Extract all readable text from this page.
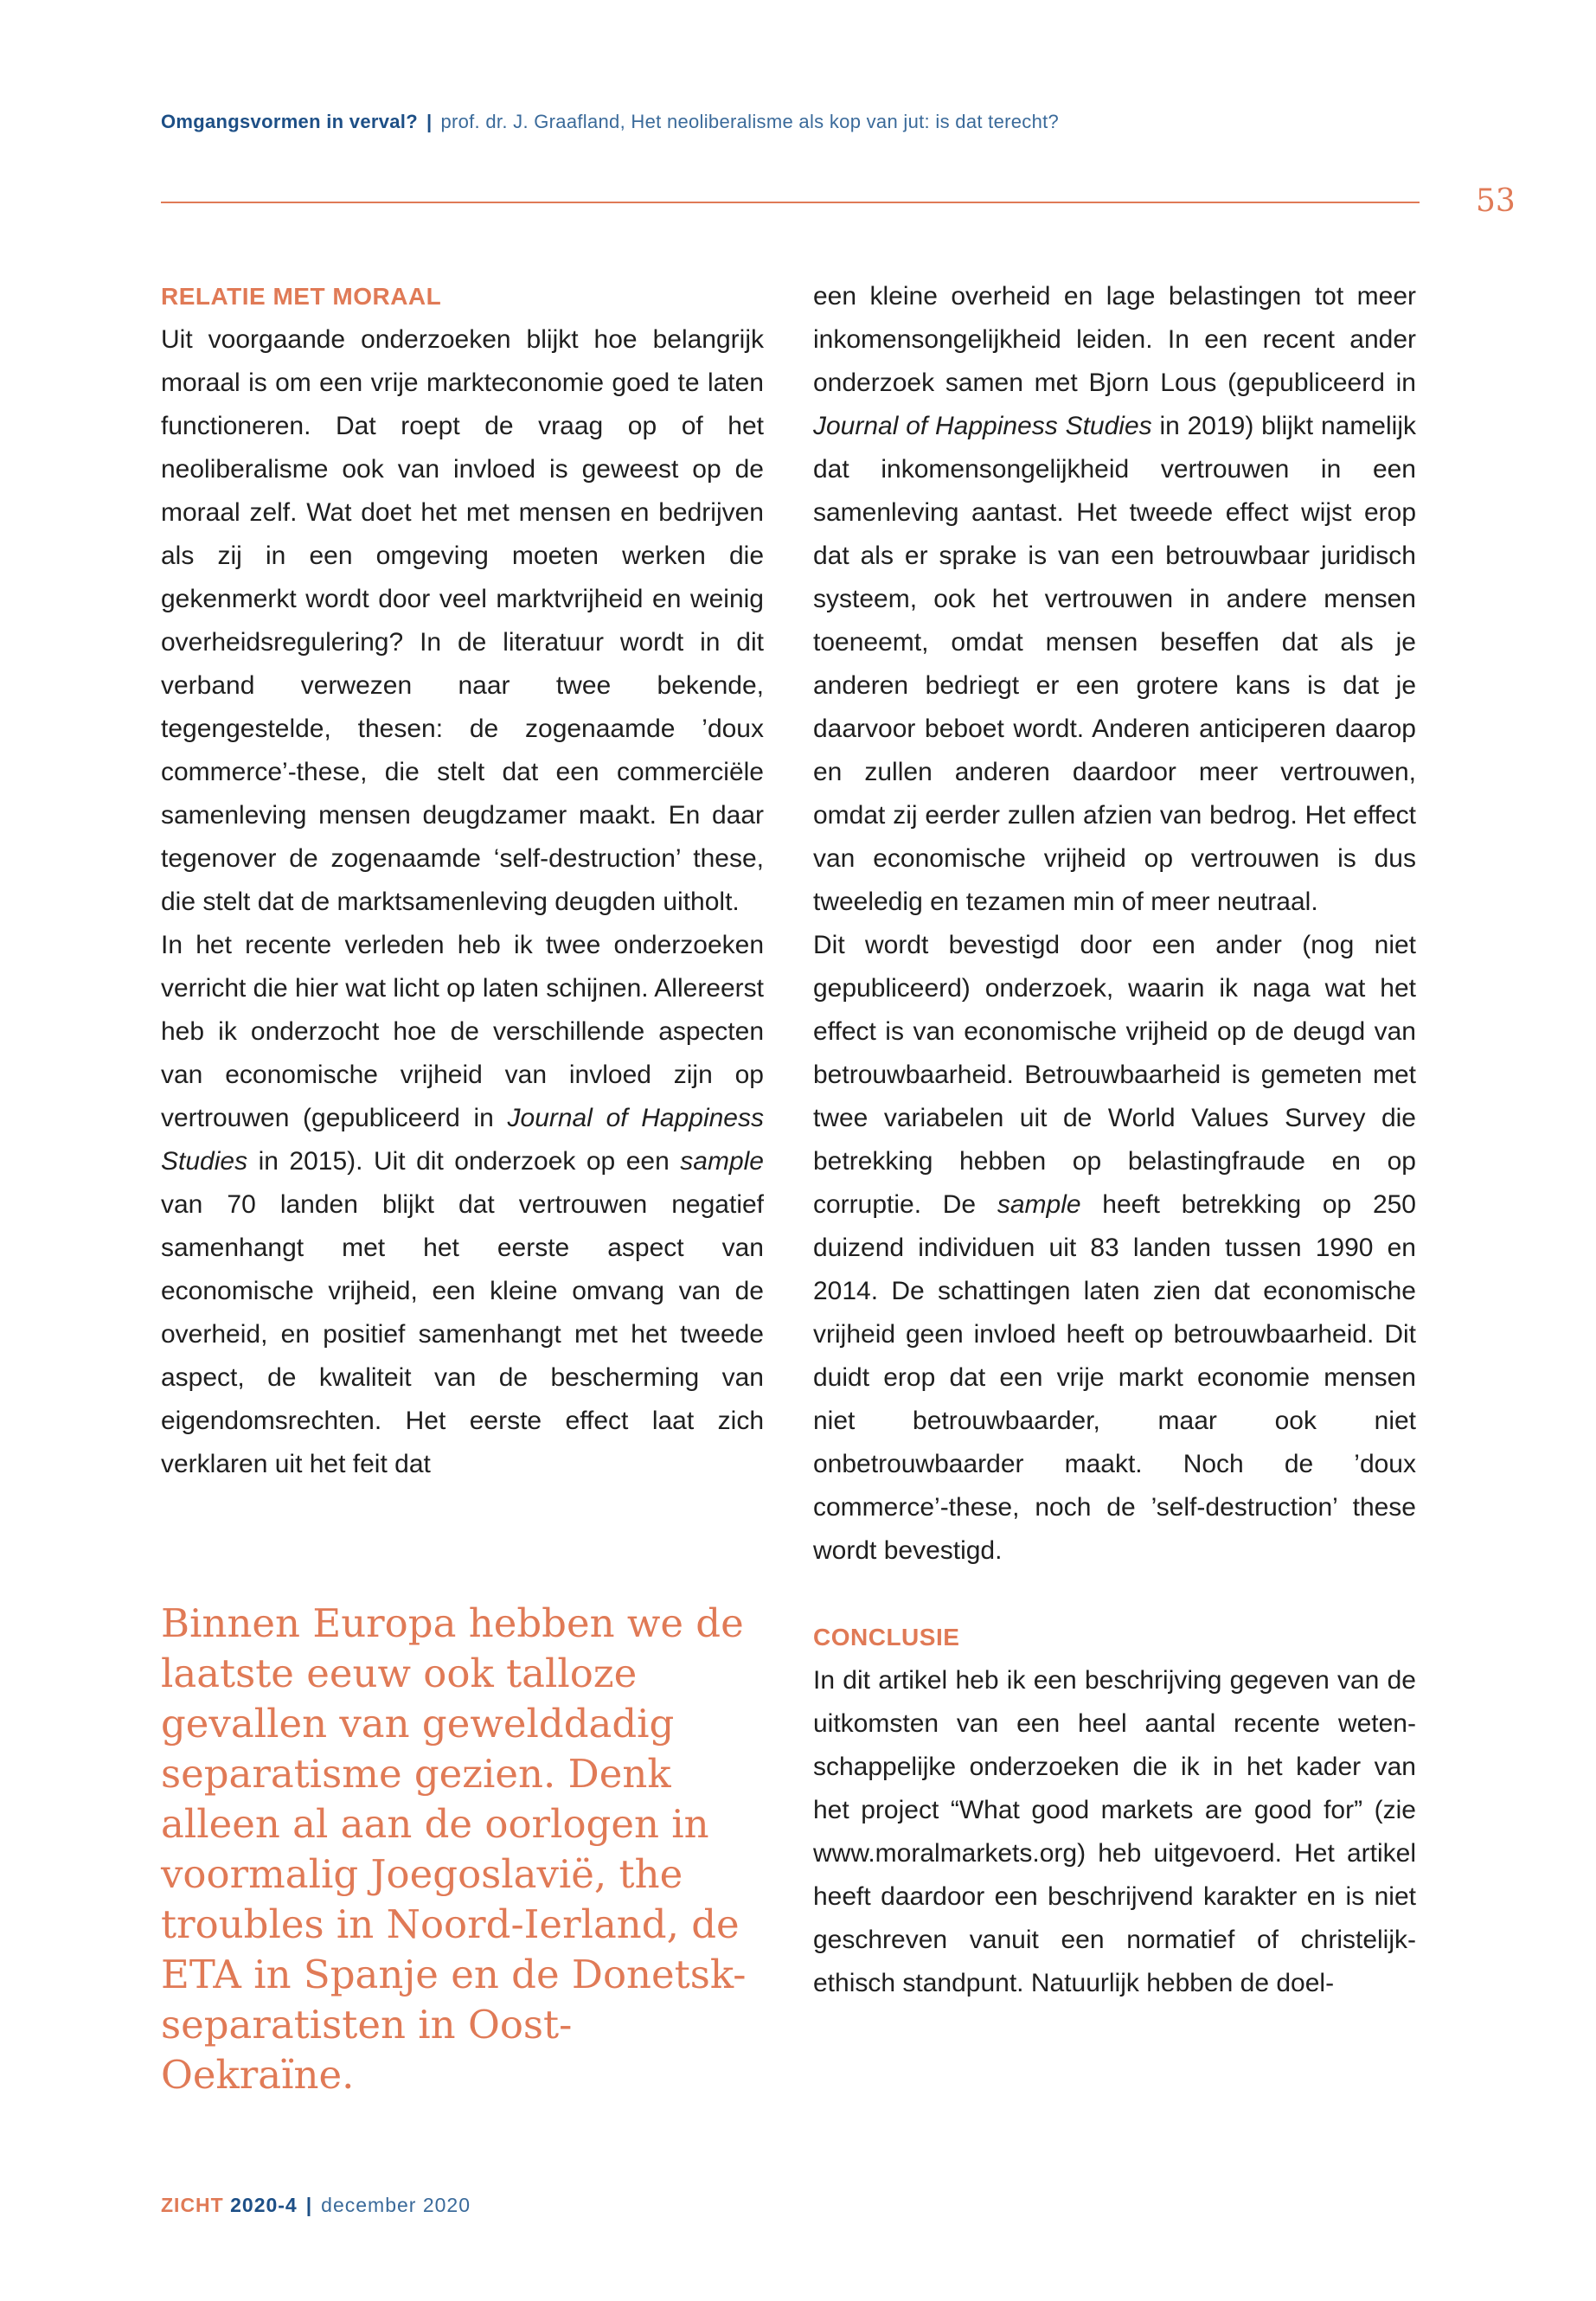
Omgangsvormen in verval? | prof. dr. J. Graafland, Het neoliberalisme als kop van jut: is dat terecht?
53
RELATIE MET MORAAL

Uit voorgaande onderzoeken blijkt hoe belangrijk moraal is om een vrije markteconomie goed te laten functioneren. Dat roept de vraag op of het neoliberalisme ook van invloed is geweest op de moraal zelf. Wat doet het met mensen en bedrijven als zij in een omgeving moeten werken die gekenmerkt wordt door veel marktvrijheid en weinig overheidsregulering? In de literatuur wordt in dit verband verwezen naar twee bekende, tegengestelde, thesen: de zogenaamde ’doux commerce’-these, die stelt dat een commerciële samenleving mensen deugdzamer maakt. En daar tegenover de zogenaamde ‘self-destruction’ these, die stelt dat de marktsamenleving deugden uitholt.

In het recente verleden heb ik twee onderzoeken verricht die hier wat licht op laten schijnen. Allereerst heb ik onderzocht hoe de verschillende aspecten van economische vrijheid van invloed zijn op vertrouwen (gepubliceerd in Journal of Happiness Studies in 2015). Uit dit onderzoek op een sample van 70 landen blijkt dat vertrouwen negatief samenhangt met het eerste aspect van economische vrijheid, een kleine omvang van de overheid, en positief samenhangt met het tweede aspect, de kwaliteit van de bescherming van eigendomsrechten. Het eerste effect laat zich verklaren uit het feit dat

Binnen Europa hebben we de laatste eeuw ook talloze gevallen van gewelddadig separatisme gezien. Denk alleen al aan de oorlogen in voormalig Joegoslavië, the troubles in Noord-Ierland, de ETA in Spanje en de Donetsk-separatisten in Oost-Oekraïne.

een kleine overheid en lage belastingen tot meer inkomensongelijkheid leiden. In een recent ander onderzoek samen met Bjorn Lous (gepubliceerd in Journal of Happiness Studies in 2019) blijkt namelijk dat inkomensongelijkheid vertrouwen in een samenleving aantast. Het tweede effect wijst erop dat als er sprake is van een betrouwbaar juridisch systeem, ook het vertrouwen in andere mensen toeneemt, omdat mensen beseffen dat als je anderen bedriegt er een grotere kans is dat je daarvoor beboet wordt. Anderen anticiperen daarop en zullen anderen daardoor meer vertrouwen, omdat zij eerder zullen afzien van bedrog. Het effect van economische vrijheid op vertrouwen is dus tweeledig en tezamen min of meer neutraal.

Dit wordt bevestigd door een ander (nog niet gepubliceerd) onderzoek, waarin ik naga wat het effect is van economische vrijheid op de deugd van betrouwbaarheid. Betrouwbaarheid is gemeten met twee variabelen uit de World Values Survey die betrekking hebben op belastingfraude en op corruptie. De sample heeft betrekking op 250 duizend individuen uit 83 landen tussen 1990 en 2014. De schattingen laten zien dat economische vrijheid geen invloed heeft op betrouwbaarheid. Dit duidt erop dat een vrije markt economie mensen niet betrouwbaarder, maar ook niet onbetrouwbaarder maakt. Noch de ’doux commerce’-these, noch de ’self-destruction’ these wordt bevestigd.

CONCLUSIE

In dit artikel heb ik een beschrijving gegeven van de uitkomsten van een heel aantal recente wetenschappelijke onderzoeken die ik in het kader van het project “What good markets are good for” (zie www.moralmarkets.org) heb uitgevoerd. Het artikel heeft daardoor een beschrijvend karakter en is niet geschreven vanuit een normatief of christelijk-ethisch standpunt. Natuurlijk hebben de doel-

ZICHT 2020-4 | december 2020
